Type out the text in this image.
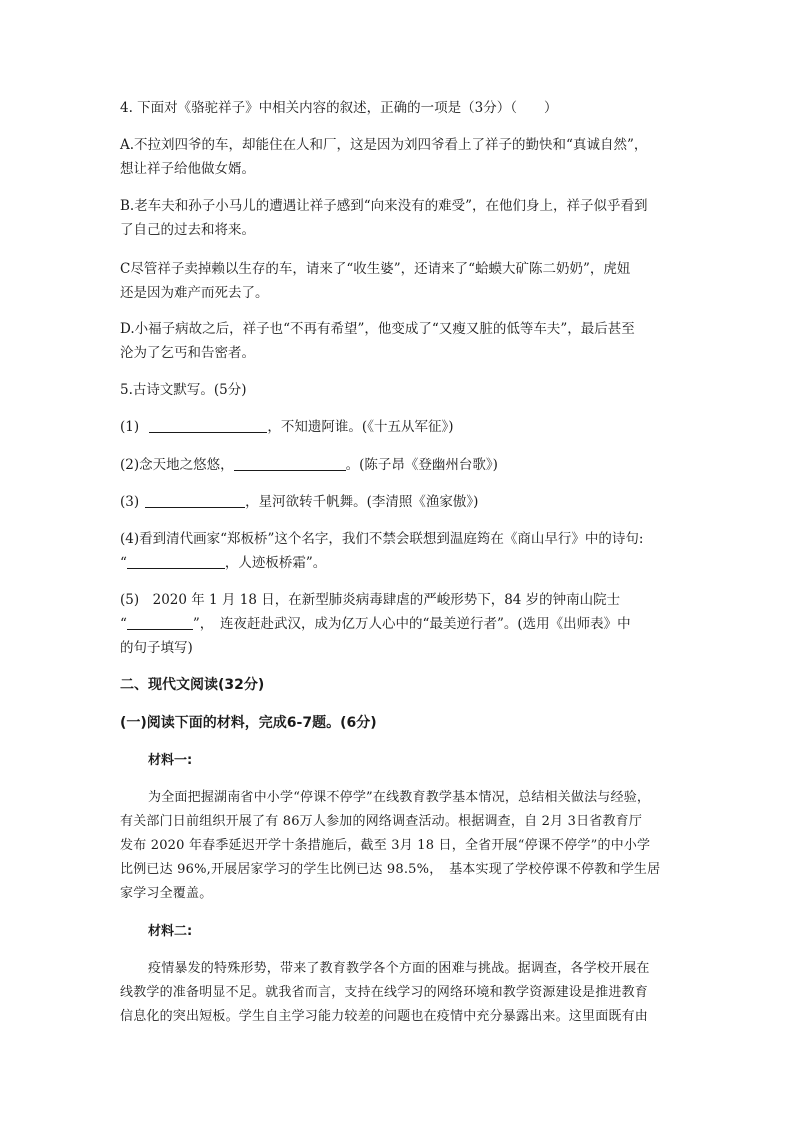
4. 下面对《骆驼祥子》中相关内容的叙述，正确的一项是（3分）（　　）
A.不拉刘四爷的车，却能住在人和厂，这是因为刘四爷看上了祥子的勤快和“真诚自然”，
想让祥子给他做女婿。
B.老车夫和孙子小马儿的遭遇让祥子感到“向来没有的难受”，在他们身上，祥子似乎看到
了自己的过去和将来。
C尽管祥子卖掉赖以生存的车，请来了“收生婆”，还请来了“蛤蟆大矿陈二奶奶”，虎妞
还是因为难产而死去了。
D.小福子病故之后，祥子也“不再有希望”，他变成了“又瘦又脏的低等车夫”，最后甚至
沦为了乞丐和告密者。
5.古诗文默写。(5分)
(1)	，不知遗阿谁。(《十五从军征》)
(2)念天地之悠悠，	。(陈子昂《登幽州台歌》)
(3)	，星河欲转千帆舞。(李清照《渔家傲》)
(4)看到清代画家“郑板桥”这个名字，我们不禁会联想到温庭筠在《商山早行》中的诗句:
“	，人迹板桥霜”。
(5)　2020 年 1 月 18 日，在新型肺炎病毒肆虐的严峻形势下，84 岁的钟南山院士
“	”，　连夜赶赴武汉，成为亿万人心中的“最美逆行者”。(选用《出师表》中
的句子填写)
二、现代文阅读(32分)
(一)阅读下面的材料，完成6-7题。(6分)
材料一:
为全面把握湖南省中小学“停课不停学”在线教育教学基本情况，总结相关做法与经验，
有关部门日前组织开展了有 86万人参加的网络调查活动。根据调查，自 2月 3日省教育厅
发布 2020 年春季延迟开学十条措施后，截至 3月 18 日，全省开展“停课不停学”的中小学
比例已达 96%,开展居家学习的学生比例已达 98.5%，　基本实现了学校停课不停教和学生居
家学习全覆盖。
材料二:
疫情暴发的特殊形势，带来了教育教学各个方面的困难与挑战。据调查，各学校开展在
线教学的准备明显不足。就我省而言，支持在线学习的网络环境和教学资源建设是推进教育
信息化的突出短板。学生自主学习能力较差的问题也在疫情中充分暴露出来。这里面既有由
